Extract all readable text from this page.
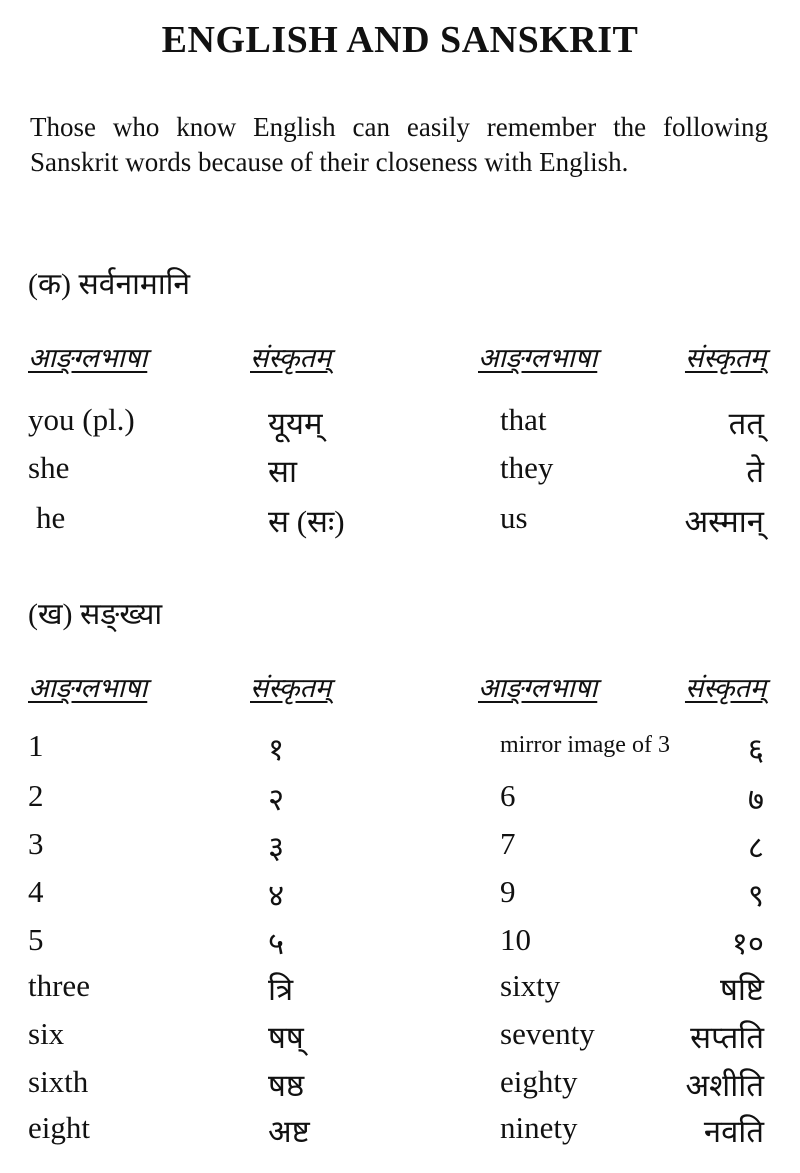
ENGLISH AND SANSKRIT
Those who know English can easily remember the following Sanskrit words because of their closeness with English.
(क) सर्वनामानि
आङ्ग्लभाषा	संस्कृतम्	आङ्ग्लभाषा	संस्कृतम्
you (pl.)	यूयम्	that	तत्
she	सा	they	ते
he	स (सः)	us	अस्मान्
(ख) सङ्ख्या
आङ्ग्लभाषा	संस्कृतम्	आङ्ग्लभाषा	संस्कृतम्
1	१	mirror image of 3	६
2	२	6	७
3	३	7	८
4	४	9	९
5	५	10	१०
three	त्रि	sixty	षष्टि
six	षष्	seventy	सप्तति
sixth	षष्ठ	eighty	अशीति
eight	अष्ट	ninety	नवति
